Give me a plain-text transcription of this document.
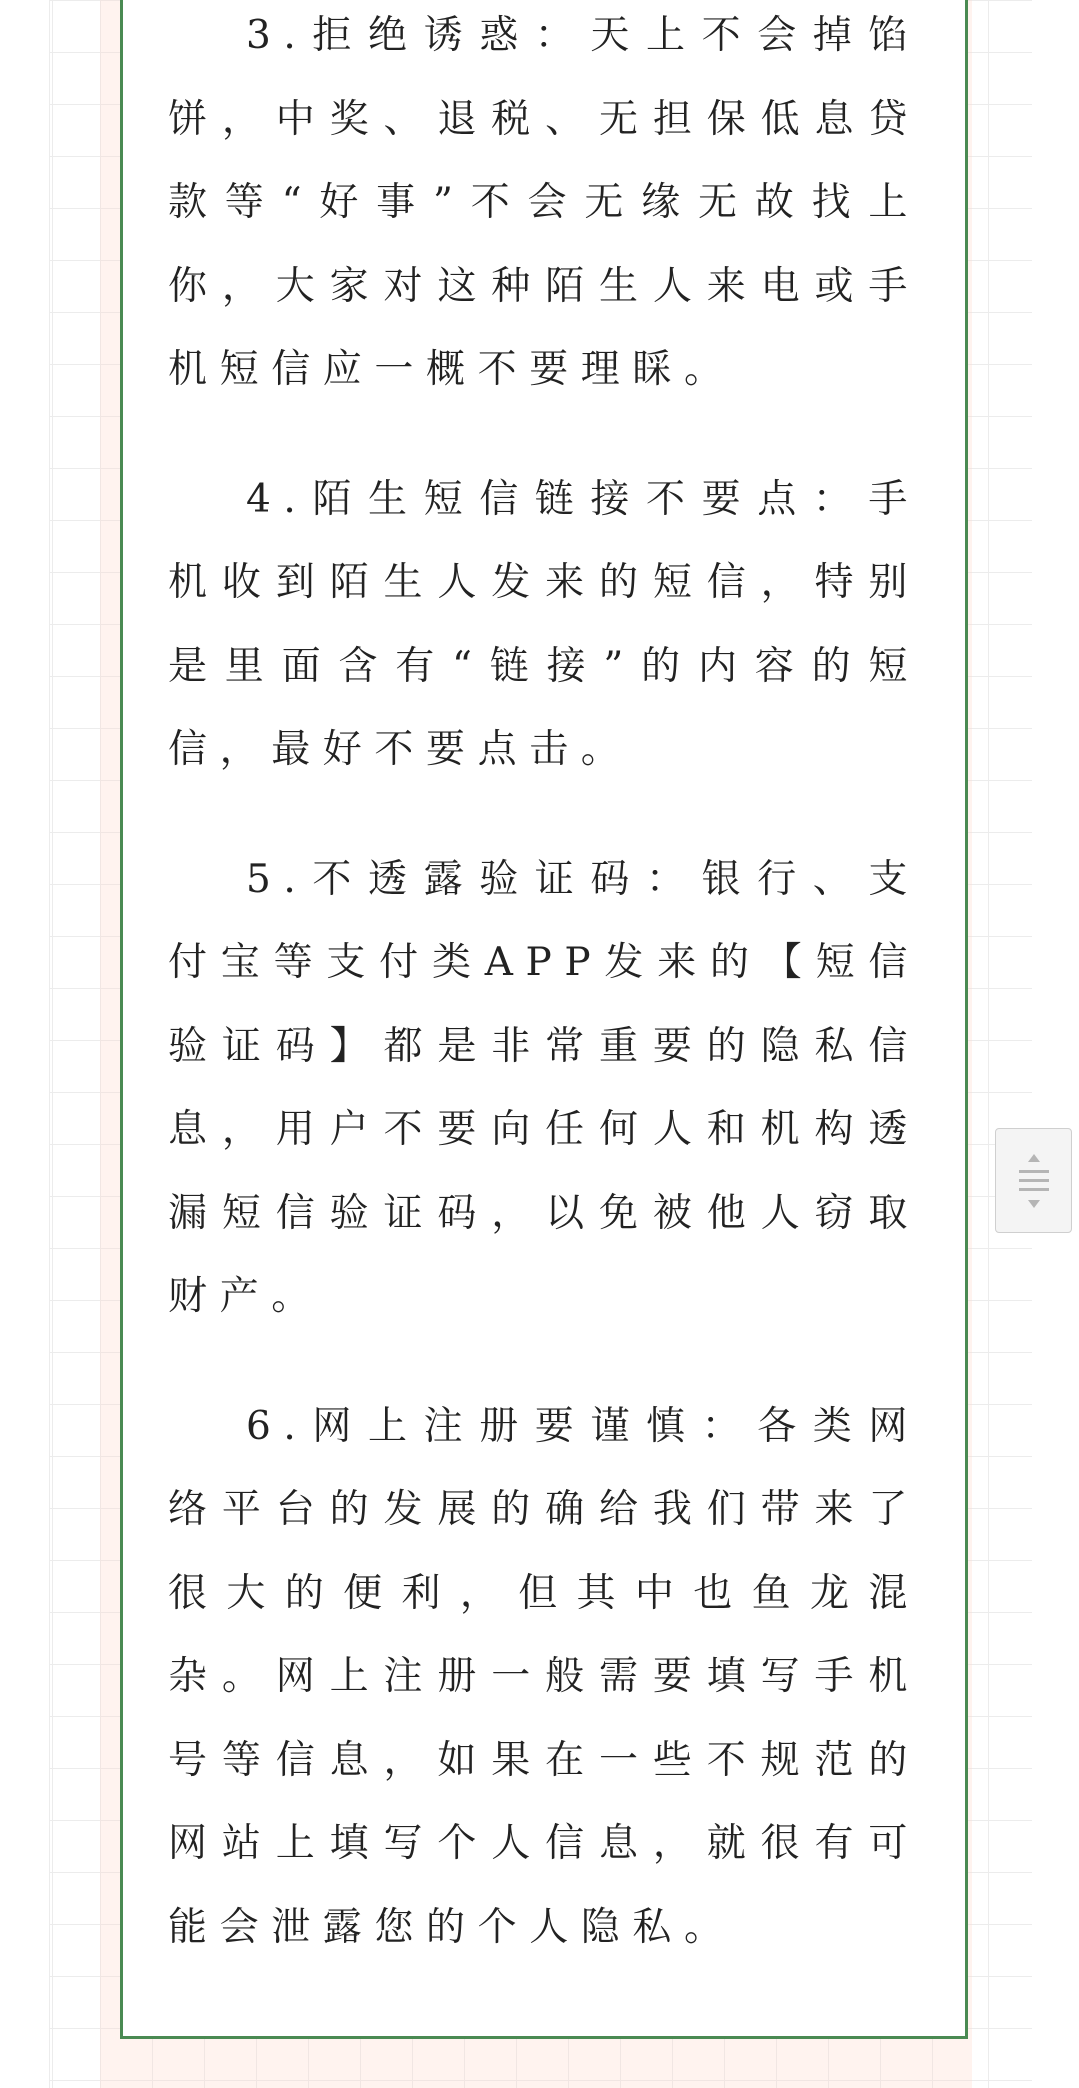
3.拒绝诱惑：天上不会掉馅饼，中奖、退税、无担保低息贷款等“好事”不会无缘无故找上你，大家对这种陌生人来电或手机短信应一概不要理睬。

4.陌生短信链接不要点：手机收到陌生人发来的短信，特别是里面含有“链接”的内容的短信，最好不要点击。

5.不透露验证码：银行、支付宝等支付类APP发来的【短信验证码】都是非常重要的隐私信息，用户不要向任何人和机构透漏短信验证码，以免被他人窃取财产。

6.网上注册要谨慎：各类网络平台的发展的确给我们带来了很大的便利，但其中也鱼龙混杂。网上注册一般需要填写手机号等信息，如果在一些不规范的网站上填写个人信息，就很有可能会泄露您的个人隐私。
